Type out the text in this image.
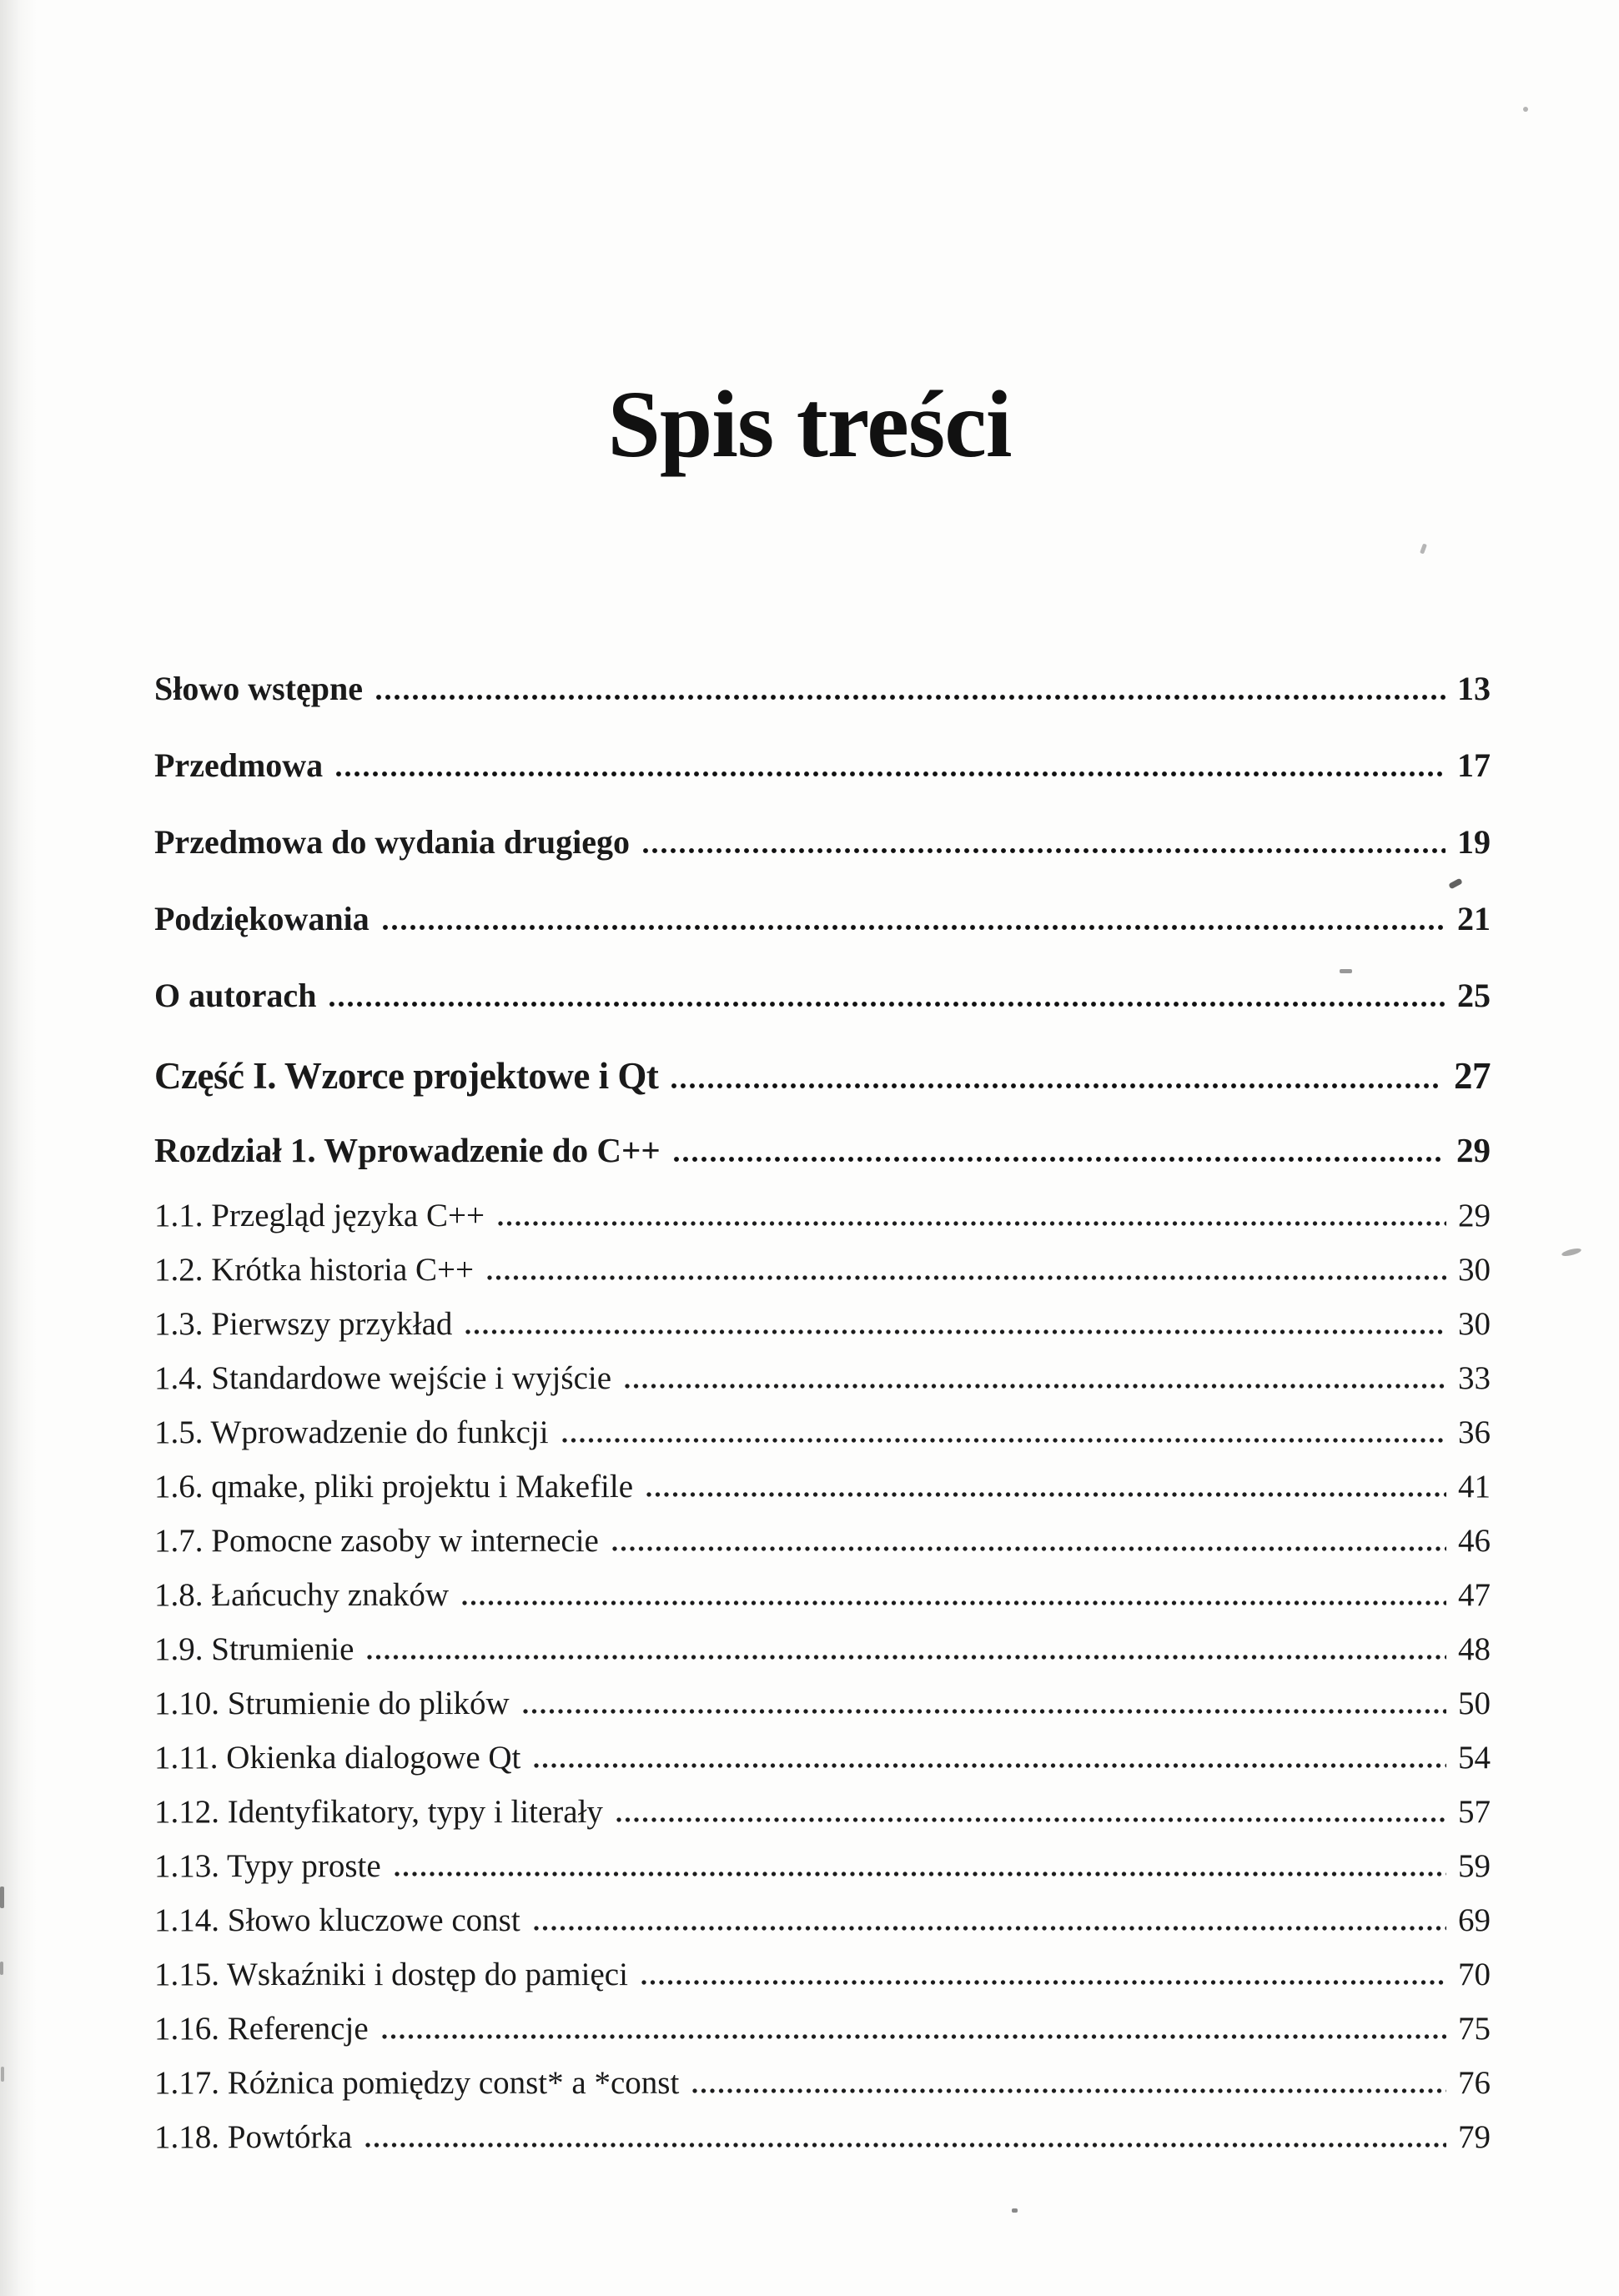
Spis treści
Słowo wstępne	13
Przedmowa	17
Przedmowa do wydania drugiego	19
Podziękowania	21
O autorach	25
Część I. Wzorce projektowe i Qt	27
Rozdział 1. Wprowadzenie do C++	29
1.1. Przegląd języka C++	29
1.2. Krótka historia C++	30
1.3. Pierwszy przykład	30
1.4. Standardowe wejście i wyjście	33
1.5. Wprowadzenie do funkcji	36
1.6. qmake, pliki projektu i Makefile	41
1.7. Pomocne zasoby w internecie	46
1.8. Łańcuchy znaków	47
1.9. Strumienie	48
1.10. Strumienie do plików	50
1.11. Okienka dialogowe Qt	54
1.12. Identyfikatory, typy i literały	57
1.13. Typy proste	59
1.14. Słowo kluczowe const	69
1.15. Wskaźniki i dostęp do pamięci	70
1.16. Referencje	75
1.17. Różnica pomiędzy const* a *const	76
1.18. Powtórka	79
